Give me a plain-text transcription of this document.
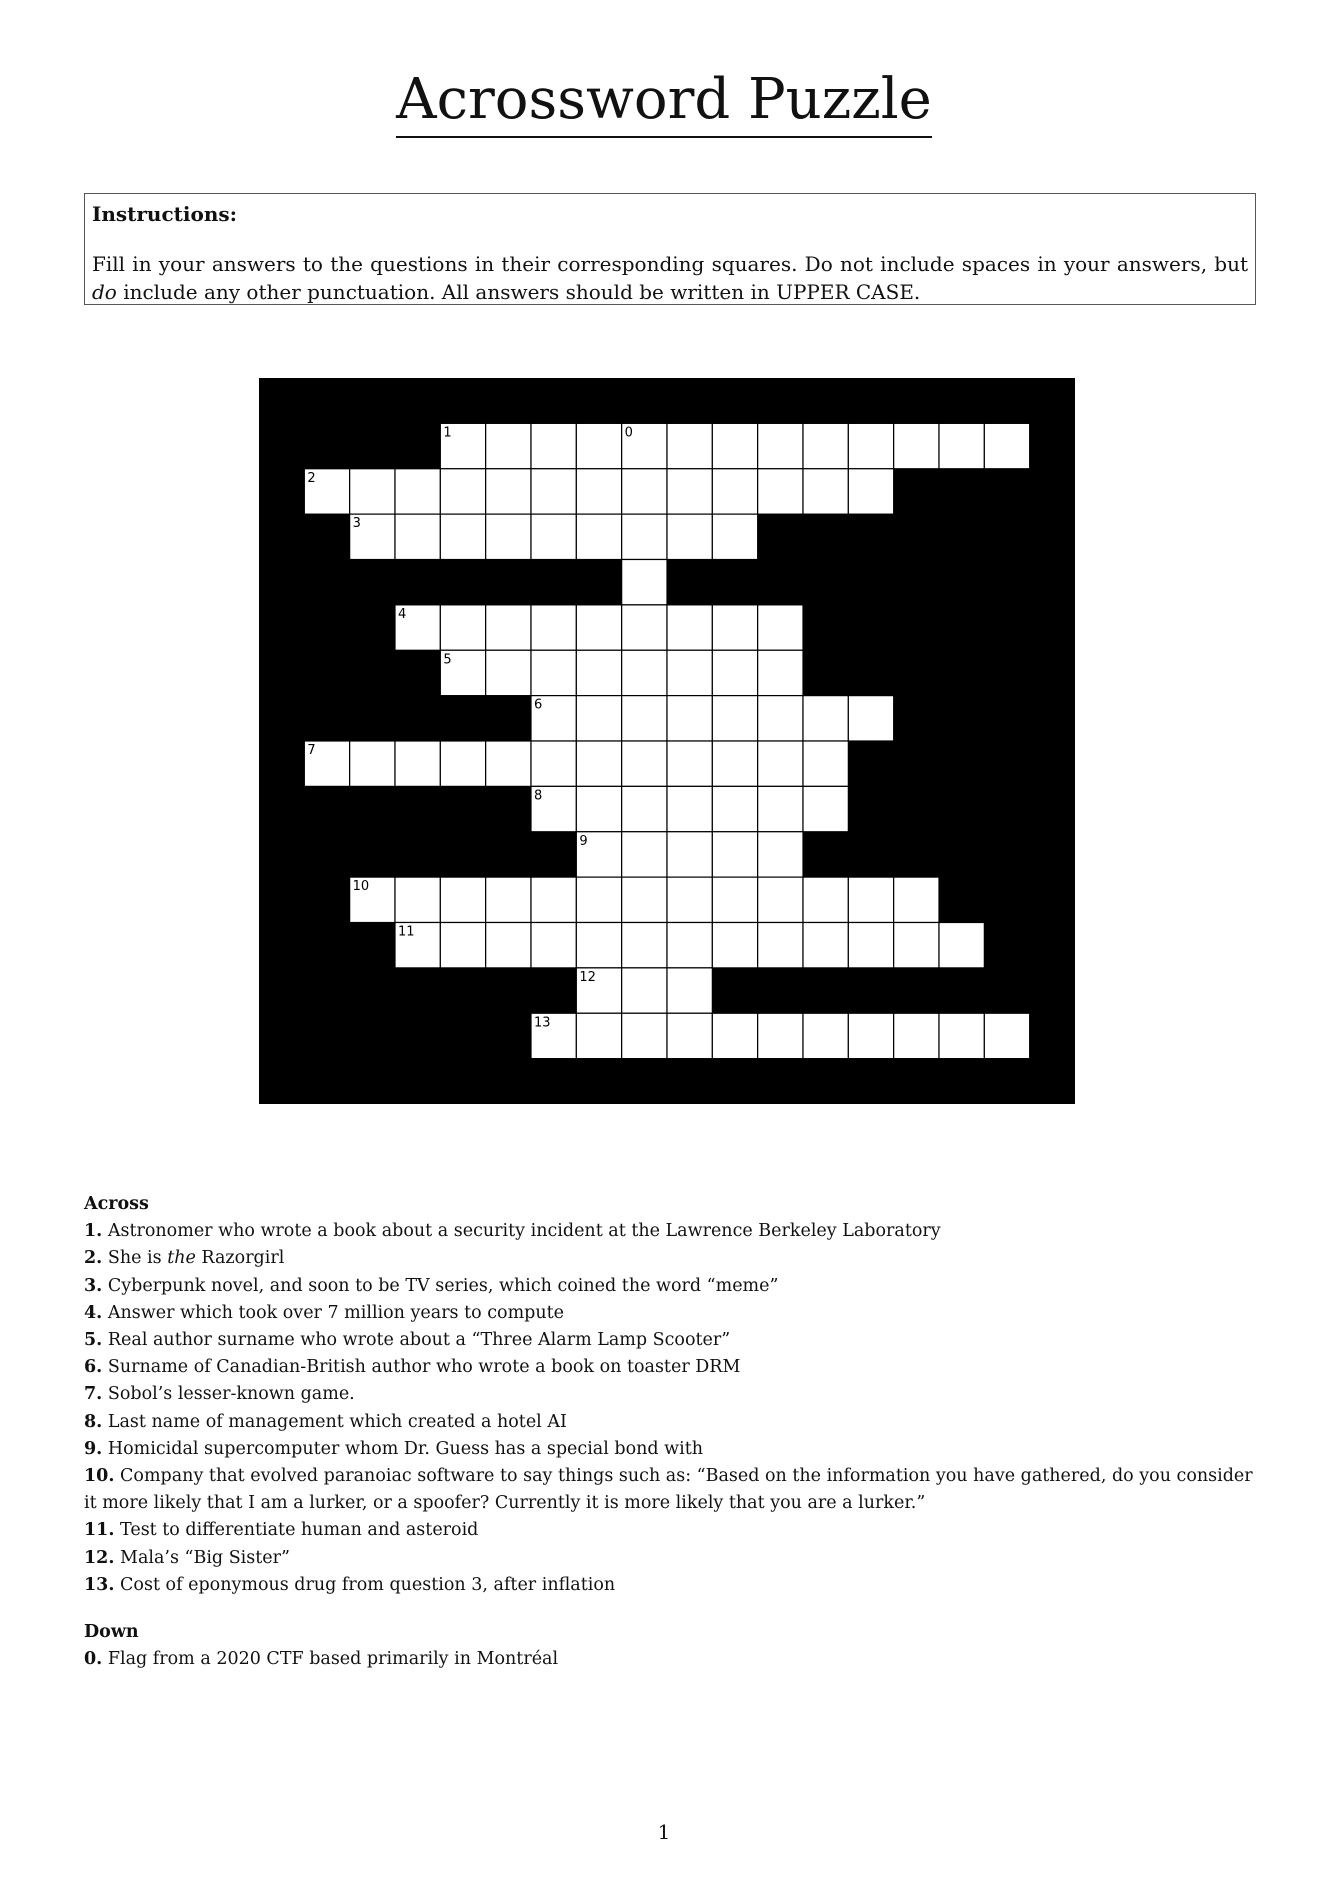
Acrossword Puzzle
Instructions:
Fill in your answers to the questions in their corresponding squares. Do not include spaces in your answers, but do include any other punctuation. All answers should be written in UPPER CASE.
1
2
3
0
4
5
6
7
8
9
10
11
12
13
Across
1. Astronomer who wrote a book about a security incident at the Lawrence Berkeley Laboratory
2. She is the Razorgirl
3. Cyberpunk novel, and soon to be TV series, which coined the word “meme”
4. Answer which took over 7 million years to compute
5. Real author surname who wrote about a “Three Alarm Lamp Scooter”
6. Surname of Canadian-British author who wrote a book on toaster DRM
7. Sobol’s lesser-known game.
8. Last name of management which created a hotel AI
9. Homicidal supercomputer whom Dr. Guess has a special bond with
10. Company that evolved paranoiac software to say things such as: “Based on the information you have gathered, do you consider it more likely that I am a lurker, or a spoofer? Currently it is more likely that you are a lurker.”
11. Test to differentiate human and asteroid
12. Mala’s “Big Sister”
13. Cost of eponymous drug from question 3, after inflation
Down
0. Flag from a 2020 CTF based primarily in Montréal
1
